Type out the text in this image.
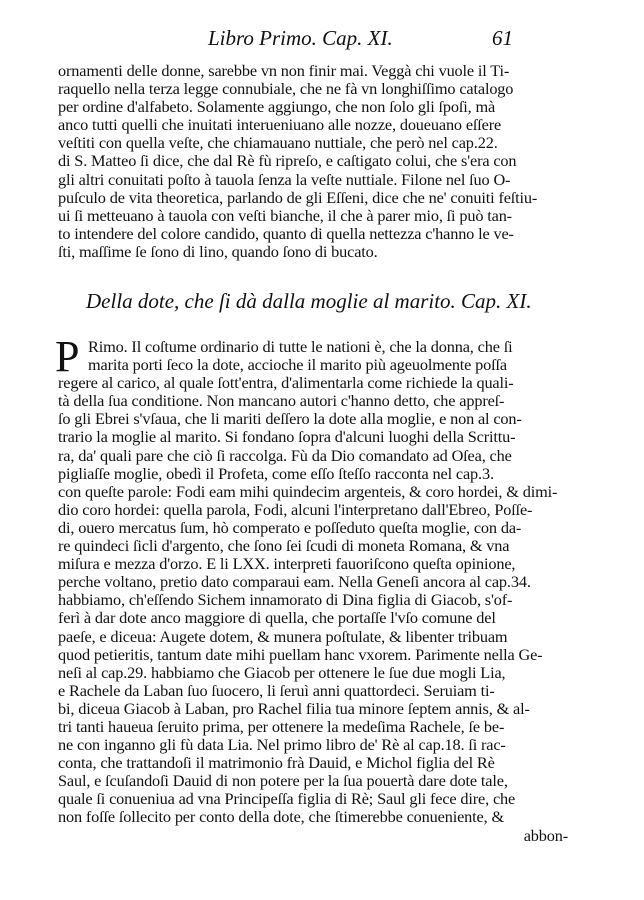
Libro Primo. Cap. XI.	61
ornamenti delle donne, sarebbe vn non finir mai. Veggà chi vuole il Ti-
raquello nella terza legge connubiale, che ne fà vn longhiſſimo catalogo
per ordine d'alfabeto. Solamente aggiungo, che non ſolo gli ſpoſi, mà
anco tutti quelli che inuitati interueniuano alle nozze, doueuano eſſere
veſtiti con quella veſte, che chiamauano nuttiale, che però nel cap.22.
di S. Matteo ſi dice, che dal Rè fù ripreſo, e caſtigato colui, che s'era con
gli altri conuitati poſto à tauola ſenza la veſte nuttiale. Filone nel ſuo O-
puſculo de vita theoretica, parlando de gli Eſſeni, dice che ne' conuiti feſtiu-
ui ſi metteuano à tauola con veſti bianche, il che à parer mio, ſi può tan-
to intendere del colore candido, quanto di quella nettezza c'hanno le ve-
ſti, maſſime ſe ſono di lino, quando ſono di bucato.
Della dote, che ſi dà dalla moglie al marito. Cap. XI.
P Rimo. Il coſtume ordinario di tutte le nationi è, che la donna, che ſi
marita porti ſeco la dote, accioche il marito più ageuolmente poſſa
regere al carico, al quale ſott'entra, d'alimentarla come richiede la quali-
tà della ſua conditione. Non mancano autori c'hanno detto, che appreſ-
ſo gli Ebrei s'vſaua, che li mariti deſſero la dote alla moglie, e non al con-
trario la moglie al marito. Si fondano ſopra d'alcuni luoghi della Scrittu-
ra, da' quali pare che ciò ſi raccolga. Fù da Dio comandato ad Oſea, che
pigliaſſe moglie, obedì il Profeta, come eſſo ſteſſo racconta nel cap.3.
con queſte parole: Fodi eam mihi quindecim argenteis, & coro hordei, & dimi-
dio coro hordei: quella parola, Fodi, alcuni l'interpretano dall'Ebreo, Poſſe-
di, ouero mercatus ſum, hò comperato e poſſeduto queſta moglie, con da-
re quindeci ſicli d'argento, che ſono ſei ſcudi di moneta Romana, & vna
miſura e mezza d'orzo. E li LXX. interpreti fauoriſcono queſta opinione,
perche voltano, pretio dato comparaui eam. Nella Geneſi ancora al cap.34.
habbiamo, ch'eſſendo Sichem innamorato di Dina figlia di Giacob, s'of-
ferì à dar dote anco maggiore di quella, che portaſſe l'vſo comune del
paeſe, e diceua: Augete dotem, & munera poſtulate, & libenter tribuam
quod petieritis, tantum date mihi puellam hanc vxorem. Parimente nella Ge-
neſi al cap.29. habbiamo che Giacob per ottenere le ſue due mogli Lia,
e Rachele da Laban ſuo ſuocero, li ſeruì anni quattordeci. Seruiam ti-
bi, diceua Giacob à Laban, pro Rachel filia tua minore ſeptem annis, & al-
tri tanti haueua ſeruito prima, per ottenere la medeſima Rachele, ſe be-
ne con inganno gli fù data Lia. Nel primo libro de' Rè al cap.18. ſi rac-
conta, che trattandoſi il matrimonio frà Dauid, e Michol figlia del Rè
Saul, e ſcuſandoſi Dauid di non potere per la ſua pouertà dare dote tale,
quale ſi conueniua ad vna Principeſſa figlia di Rè; Saul gli fece dire, che
non foſſe ſollecito per conto della dote, che ſtimerebbe conueniente, &
abbon-
